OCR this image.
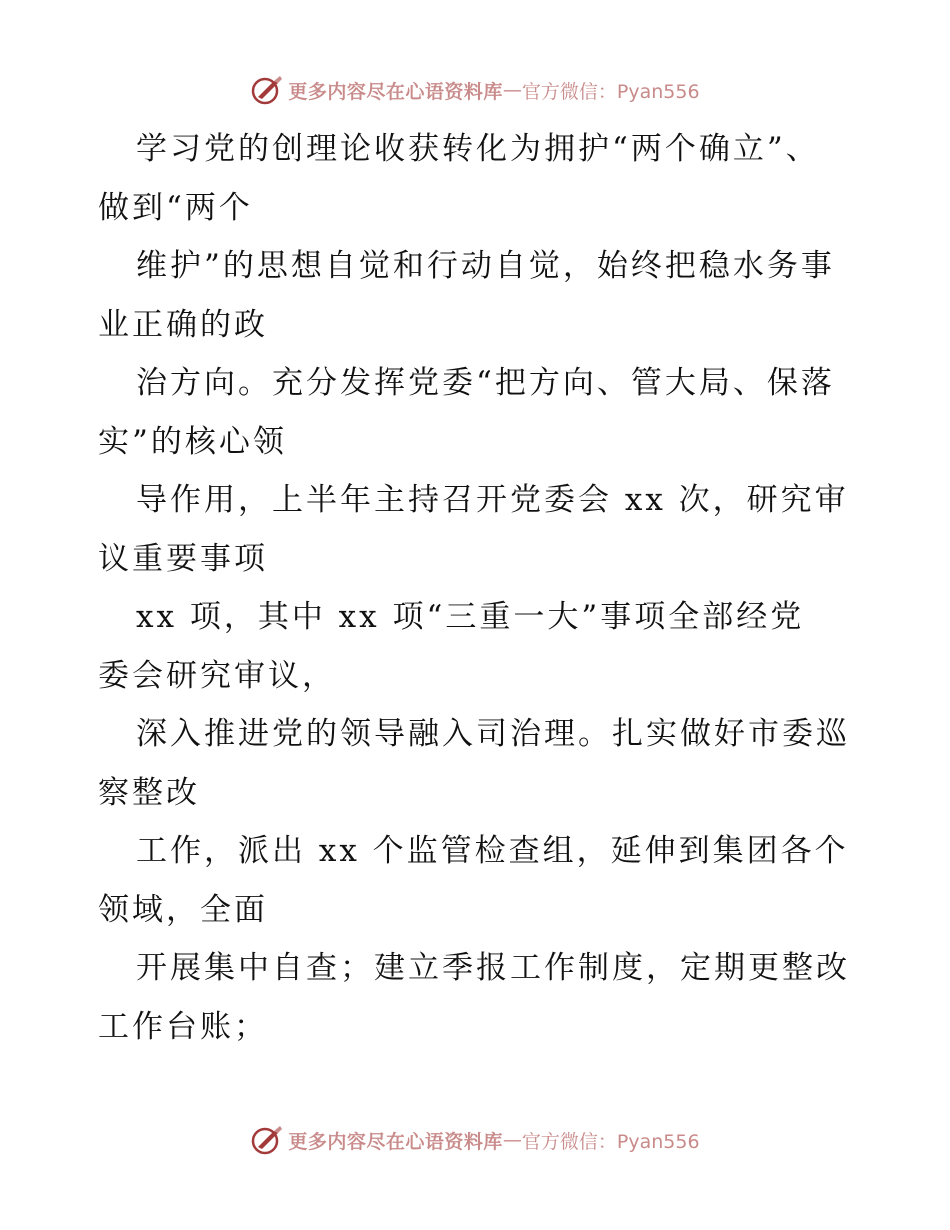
更多内容尽在心语资料库 — 官方微信：Pyan556

学习党的创理论收获转化为拥护“两个确立”、
做到“两个

维护”的思想自觉和行动自觉，始终把稳水务事
业正确的政

治方向。充分发挥党委“把方向、管大局、保落
实”的核心领

导作用，上半年主持召开党委会 xx 次，研究审
议重要事项

xx 项，其中 xx 项“三重一大”事项全部经党
委会研究审议，

深入推进党的领导融入司治理。扎实做好市委巡
察整改

工作，派出 xx 个监管检查组，延伸到集团各个
领域，全面

开展集中自查；建立季报工作制度，定期更整改
工作台账；

更多内容尽在心语资料库 — 官方微信：Pyan556
